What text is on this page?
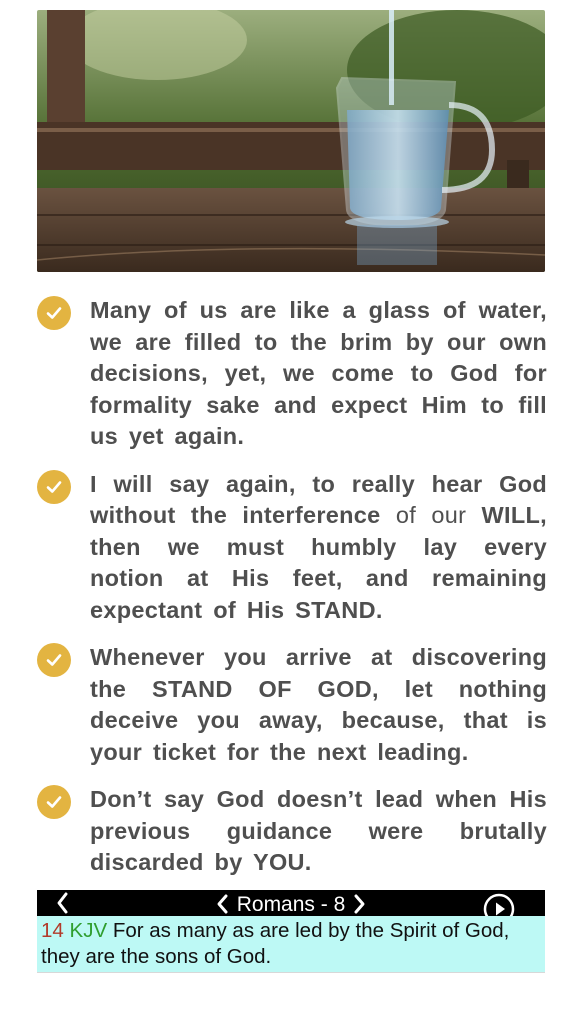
Many of us are like a glass of water, we are filled to the brim by our own decisions, yet, we come to God for formality sake and expect Him to fill us yet again.
I will say again, to really hear God without the interference of our WILL, then we must humbly lay every notion at His feet, and remaining expectant of His STAND.
Whenever you arrive at discovering the STAND OF GOD, let nothing deceive you away, because, that is your ticket for the next leading.
Don’t say God doesn’t lead when His previous guidance were brutally discarded by YOU.
Romans - 8
14 KJV For as many as are led by the Spirit of God, they are the sons of God.
